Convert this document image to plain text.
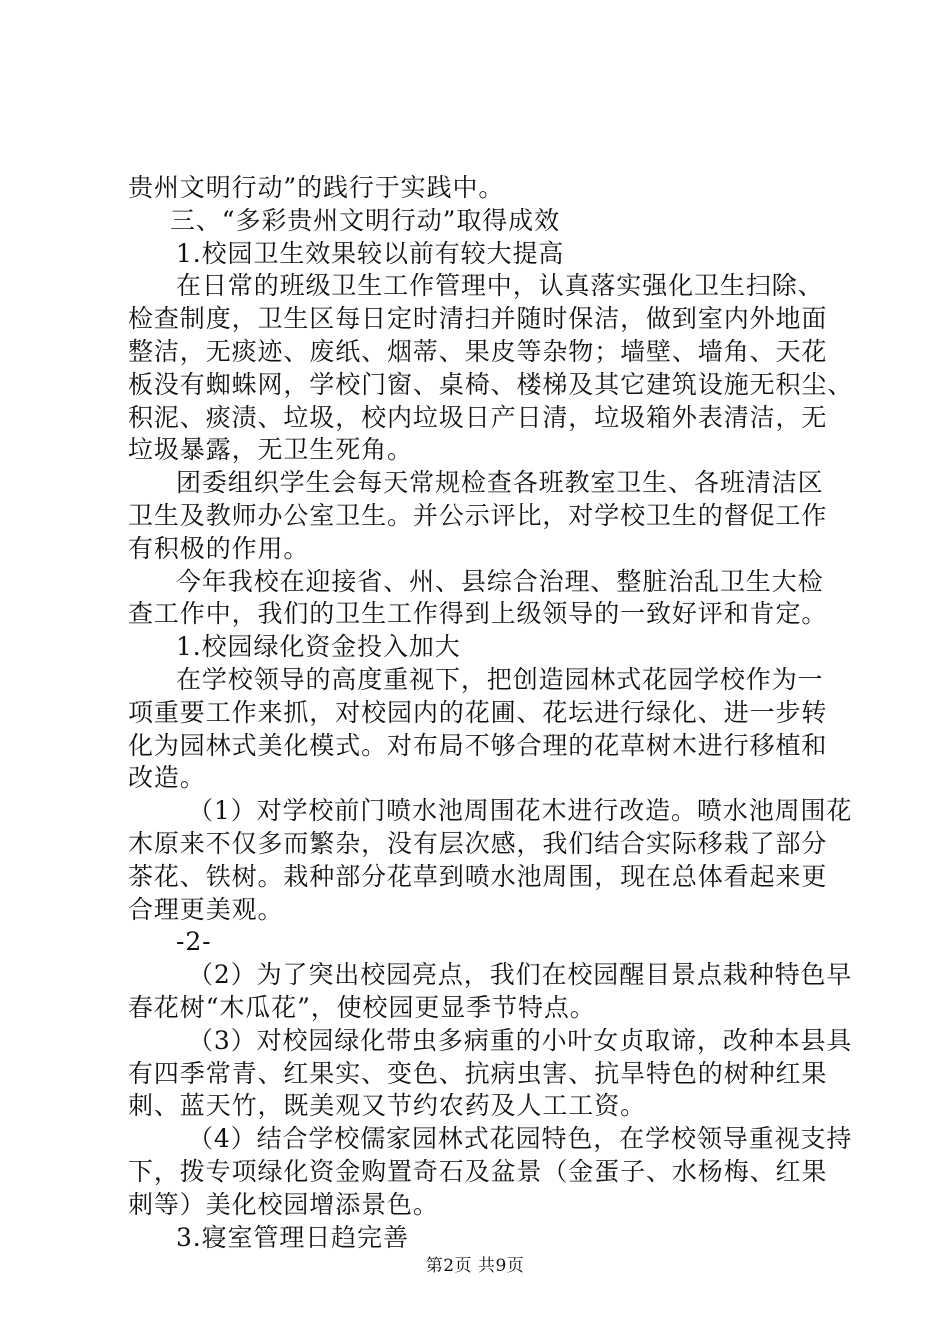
贵州文明行动”的践行于实践中。
三、“多彩贵州文明行动”取得成效
1.校园卫生效果较以前有较大提高
在日常的班级卫生工作管理中，认真落实强化卫生扫除、
检查制度，卫生区每日定时清扫并随时保洁，做到室内外地面
整洁，无痰迹、废纸、烟蒂、果皮等杂物；墙壁、墙角、天花
板没有蜘蛛网，学校门窗、桌椅、楼梯及其它建筑设施无积尘、
积泥、痰渍、垃圾，校内垃圾日产日清，垃圾箱外表清洁，无
垃圾暴露，无卫生死角。
团委组织学生会每天常规检查各班教室卫生、各班清洁区
卫生及教师办公室卫生。并公示评比，对学校卫生的督促工作
有积极的作用。
今年我校在迎接省、州、县综合治理、整脏治乱卫生大检
查工作中，我们的卫生工作得到上级领导的一致好评和肯定。
1.校园绿化资金投入加大
在学校领导的高度重视下，把创造园林式花园学校作为一
项重要工作来抓，对校园内的花圃、花坛进行绿化、进一步转
化为园林式美化模式。对布局不够合理的花草树木进行移植和
改造。
（1）对学校前门喷水池周围花木进行改造。喷水池周围花
木原来不仅多而繁杂，没有层次感，我们结合实际移栽了部分
茶花、铁树。栽种部分花草到喷水池周围，现在总体看起来更
合理更美观。
-2-
（2）为了突出校园亮点，我们在校园醒目景点栽种特色早
春花树“木瓜花”，使校园更显季节特点。
（3）对校园绿化带虫多病重的小叶女贞取谛，改种本县具
有四季常青、红果实、变色、抗病虫害、抗旱特色的树种红果
刺、蓝天竹，既美观又节约农药及人工工资。
（4）结合学校儒家园林式花园特色，在学校领导重视支持
下，拨专项绿化资金购置奇石及盆景（金蛋子、水杨梅、红果
刺等）美化校园增添景色。
3.寝室管理日趋完善
第2页 共9页
